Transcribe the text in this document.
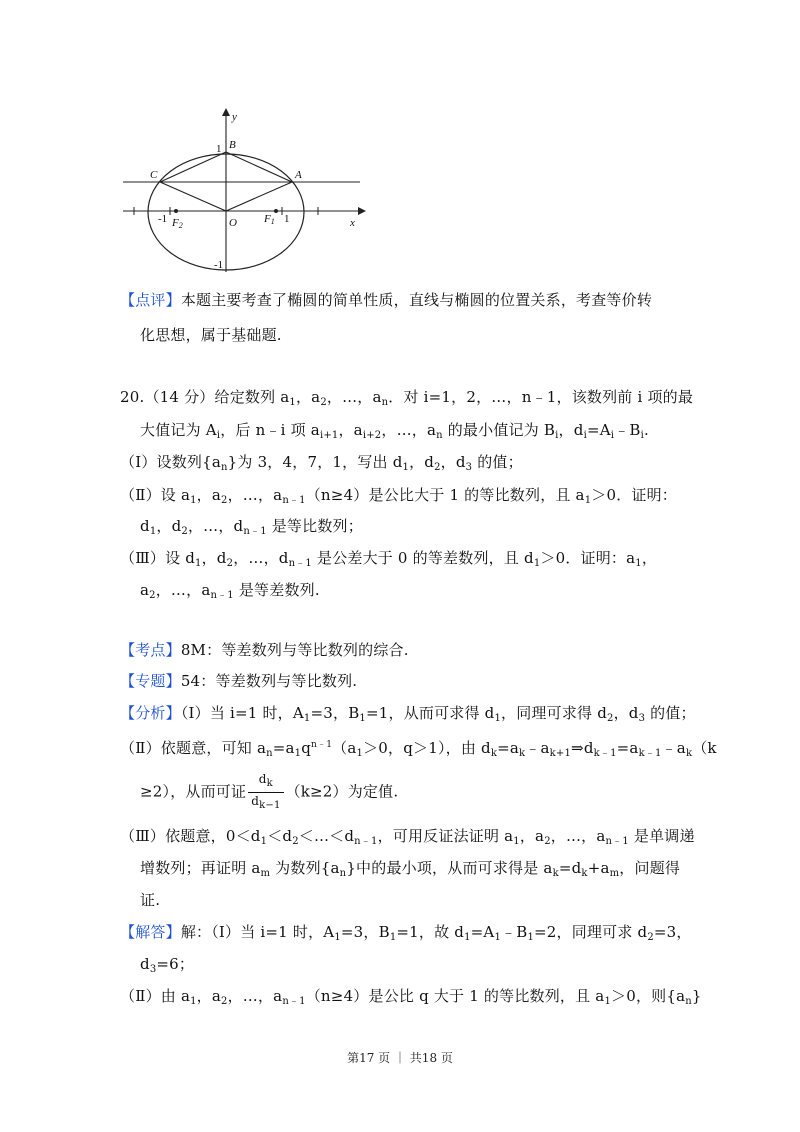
y
x
B
A
C
O
F2
F1
1
-1
-1	1
【点评】本题主要考查了椭圆的简单性质，直线与椭圆的位置关系，考查等价转
化思想，属于基础题.
20.（14 分）给定数列 $a_1$，$a_2$，…，$a_n$．对 i=1，2，…，n﹣1，该数列前 i 项的最
大值记为 $A_i$，后 n﹣i 项 $a_{i+1}$，$a_{i+2}$，…，$a_n$ 的最小值记为 $B_i$，$d_i=A_i﹣B_i$.
（Ⅰ）设数列$\{a_n\}$为 3，4，7，1，写出 $d_1$，$d_2$，$d_3$ 的值；
（Ⅱ）设 $a_1$，$a_2$，…，$a_{n﹣1}(n\ge 4)$是公比大于 1 的等比数列，且 $a_1>0$．证明：
$d_1$，$d_2$，…，$d_{n﹣1}$ 是等比数列；
（Ⅲ）设 $d_1$，$d_2$，…，$d_{n﹣1}$ 是公差大于 0 的等差数列，且 $d_1>0$．证明：$a_1$，
$a_2$，…，$a_{n﹣1}$ 是等差数列.
【考点】8M：等差数列与等比数列的综合.
【专题】54：等差数列与等比数列.
【分析】（Ⅰ）当 i=1 时，$A_1=3$，$B_1=1$，从而可求得 $d_1$，同理可求得 $d_2$，$d_3$ 的值；
（Ⅱ）依题意，可知 $a_n=a_1q^{n﹣1}(a_1>0$，q＞1），由 $d_k=a_k﹣a_{k+1}\Rightarrow d_{k﹣1}=a_{k﹣1}﹣a_k(k$
≥2），从而可证 $\frac{d_k}{d_{k-1}} (k\ge 2)$为定值.
（Ⅲ）依题意，$0<d_1<d_2<\dots<d_{n﹣1}$，可用反证法证明 $a_1$，$a_2$，…，$a_{n﹣1}$ 是单调递
增数列；再证明 $a_m$ 为数列$\{a_n\}$中的最小项，从而可求得是 $a_k=d_k+a_m$，问题得
证.
【解答】解：（Ⅰ）当 i=1 时，$A_1=3$，$B_1=1$，故 $d_1=A_1﹣B_1=2$，同理可求 $d_2=3$，
$d_3=6$；
（Ⅱ）由 $a_1$，$a_2$，…，$a_{n﹣1}(n\ge 4)$是公比 q 大于 1 的等比数列，且 $a_1>0$，则$\{a_n\}$
第17 页 ｜ 共18 页
